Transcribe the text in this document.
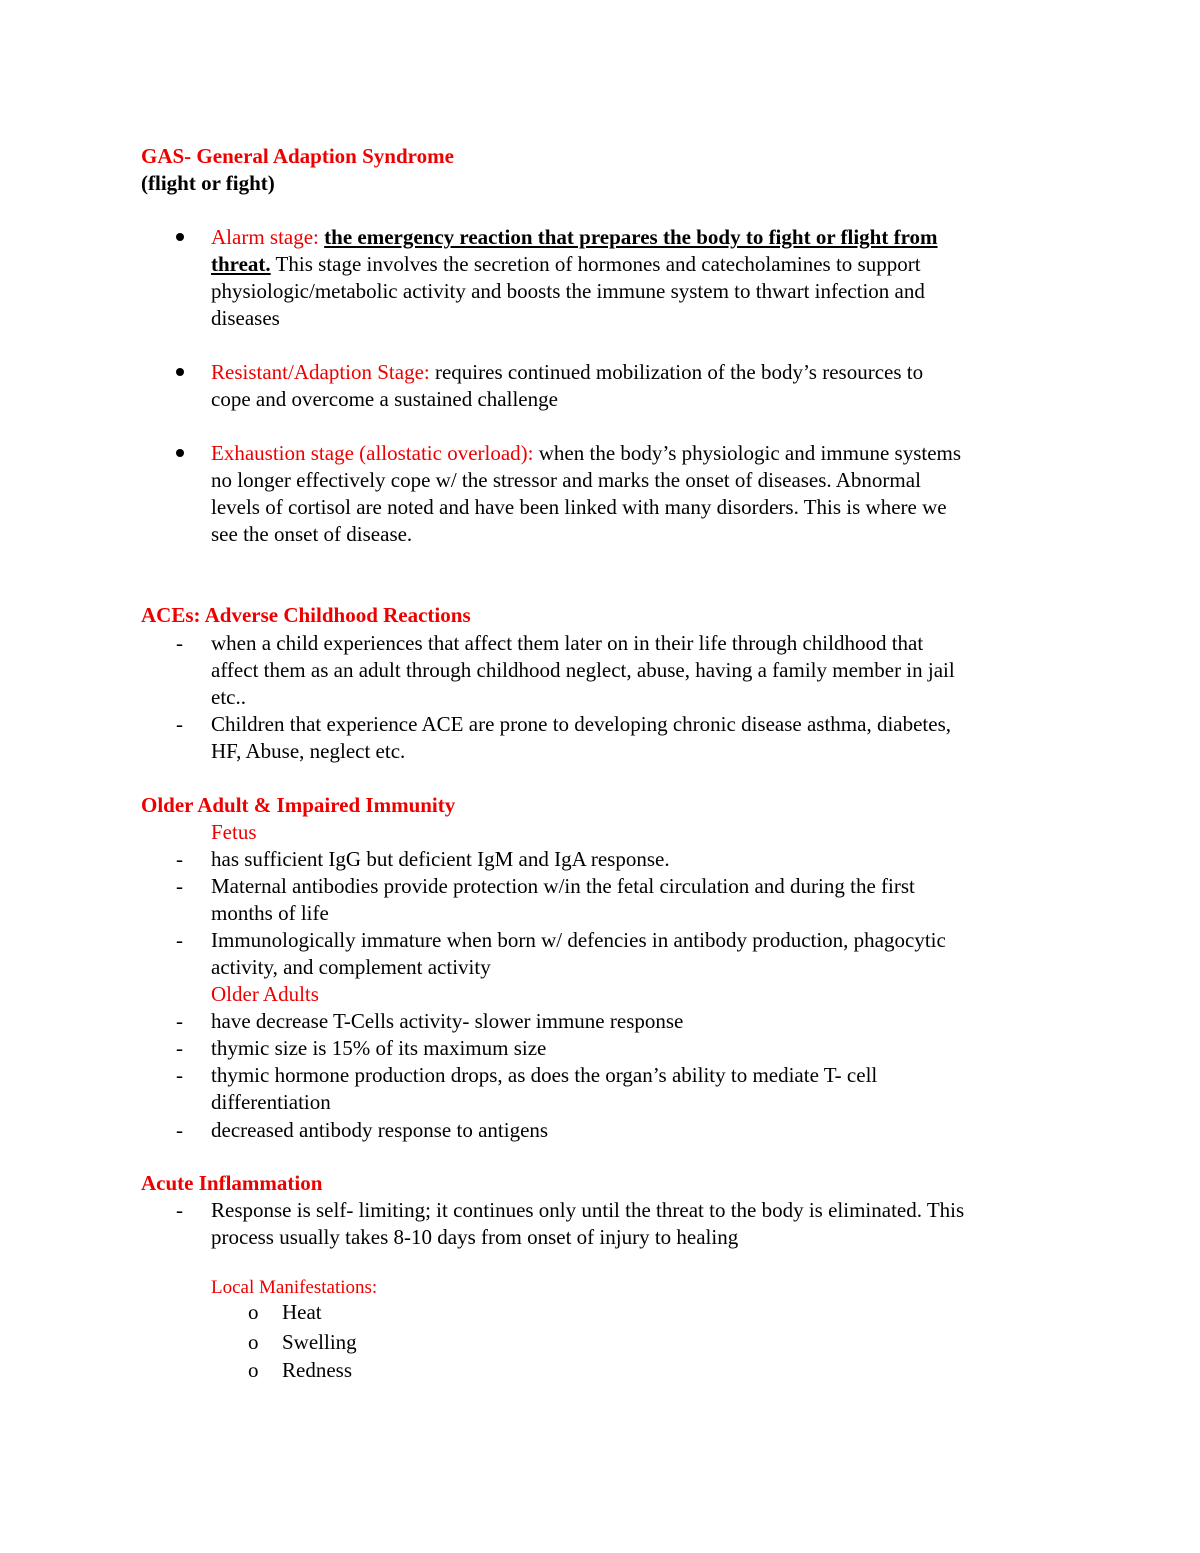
GAS- General Adaption Syndrome
(flight or fight)
Alarm stage: the emergency reaction that prepares the body to fight or flight from
threat. This stage involves the secretion of hormones and catecholamines to support
physiologic/metabolic activity and boosts the immune system to thwart infection and
diseases
Resistant/Adaption Stage: requires continued mobilization of the body’s resources to
cope and overcome a sustained challenge
Exhaustion stage (allostatic overload): when the body’s physiologic and immune systems
no longer effectively cope w/ the stressor and marks the onset of diseases. Abnormal
levels of cortisol are noted and have been linked with many disorders. This is where we
see the onset of disease.
ACEs: Adverse Childhood Reactions
- when a child experiences that affect them later on in their life through childhood that
affect them as an adult through childhood neglect, abuse, having a family member in jail
etc..
- Children that experience ACE are prone to developing chronic disease asthma, diabetes,
HF, Abuse, neglect etc.
Older Adult & Impaired Immunity
Fetus
- has sufficient IgG but deficient IgM and IgA response.
- Maternal antibodies provide protection w/in the fetal circulation and during the first
months of life
- Immunologically immature when born w/ defencies in antibody production, phagocytic
activity, and complement activity
Older Adults
- have decrease T-Cells activity- slower immune response
- thymic size is 15% of its maximum size
- thymic hormone production drops, as does the organ’s ability to mediate T- cell
differentiation
- decreased antibody response to antigens
Acute Inflammation
- Response is self- limiting; it continues only until the threat to the body is eliminated. This
process usually takes 8-10 days from onset of injury to healing
Local Manifestations:
o Heat
o Swelling
o Redness
